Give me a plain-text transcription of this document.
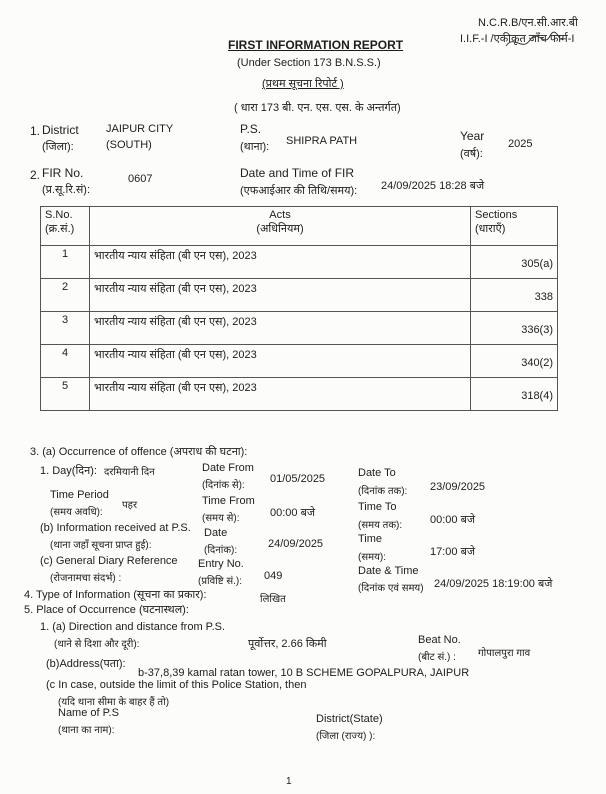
N.C.R.B/एन.सी.आर.बी
I.I.F.-I /एकीकृत जाँच फार्म-I
FIRST INFORMATION REPORT
(Under Section 173 B.N.S.S.)
(प्रथम सूचना रिपोर्ट )
( धारा 173 बी. एन. एस. एस. के अन्तर्गत)
1. District
(जिला):
JAIPUR CITY
(SOUTH)
P.S.
(थाना): SHIPRA PATH	Year
(वर्ष):
2025
2. FIR No.
(प्र.सू.रि.सं):
0607	Date and Time of FIR
(एफआईआर की तिथि/समय): 24/09/2025 18:28 बजे
S.No.
(क्र.सं.)	Acts
(अधिनियम)	Sections
(धाराएँ)
1	भारतीय न्याय संहिता (बी एन एस), 2023	305(a)

2	भारतीय न्याय संहिता (बी एन एस), 2023	338

3	भारतीय न्याय संहिता (बी एन एस), 2023	336(3)

4	भारतीय न्याय संहिता (बी एन एस), 2023	340(2)

5	भारतीय न्याय संहिता (बी एन एस), 2023	318(4)
3. (a) Occurrence of offence (अपराध की घटना):
1. Day(दिन): दरमियानी दिन	Date From
(दिनांक से):
01/05/2025	Date To
(दिनांक तक): 23/09/2025
Time Period
(समय अवधि):
पहर	Time From
(समय से):	00:00 बजे	Time To
(समय तक):	00:00 बजे
(b) Information received at P.S.
(थाना जहाँ सूचना प्राप्त हुई):
Date
(दिनांक):
24/09/2025	Time
(समय):	17:00 बजे
(c) General Diary Reference
(रोजनामचा संदर्भ) :
Entry No.
(प्रविष्टि सं.): 049	Date & Time
(दिनांक एवं समय) 24/09/2025 18:19:00 बजे
4. Type of Information (सूचना का प्रकार):	लिखित
5. Place of Occurrence (घटनास्थल):
1. (a) Direction and distance from P.S.
(थाने से दिशा और दूरी):	पूर्वोत्तर, 2.66 किमी	Beat No.
(बीट सं.) : गोपालपुरा गाव
(b)Address(पता):
b-37,8,39 kamal ratan tower, 10 B SCHEME GOPALPURA, JAIPUR
(c In case, outside the limit of this Police Station, then
(यदि थाना सीमा के बाहर हैं तो)
Name of P.S
(थाना का नाम):
District(State)
(जिला (राज्य) ):
1
